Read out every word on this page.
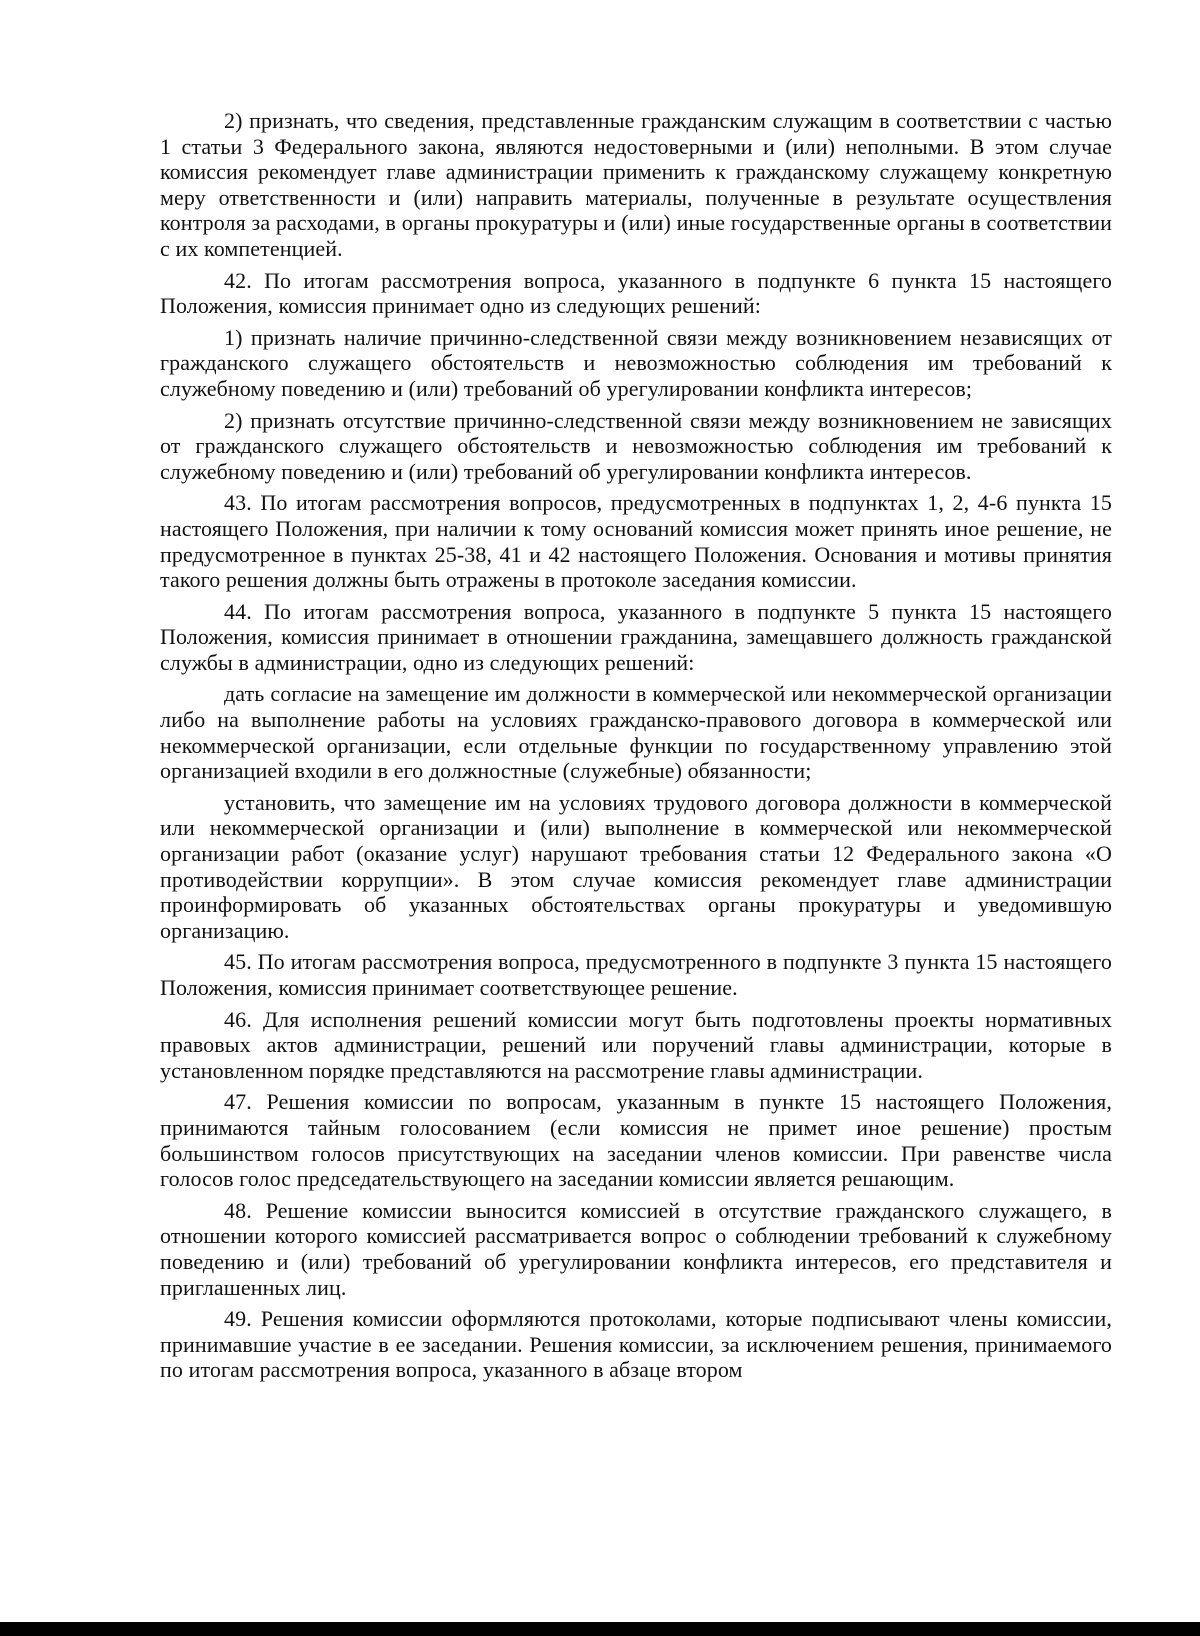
2) признать, что сведения, представленные гражданским служащим в соответствии с частью 1 статьи 3 Федерального закона, являются недостоверными и (или) неполными. В этом случае комиссия рекомендует главе администрации применить к гражданскому служащему конкретную меру ответственности и (или) направить материалы, полученные в результате осуществления контроля за расходами, в органы прокуратуры и (или) иные государственные органы в соответствии с их компетенцией.

42. По итогам рассмотрения вопроса, указанного в подпункте 6 пункта 15 настоящего Положения, комиссия принимает одно из следующих решений:

1) признать наличие причинно-следственной связи между возникновением независящих от гражданского служащего обстоятельств и невозможностью соблюдения им требований к служебному поведению и (или) требований об урегулировании конфликта интересов;

2) признать отсутствие причинно-следственной связи между возникновением не зависящих от гражданского служащего обстоятельств и невозможностью соблюдения им требований к служебному поведению и (или) требований об урегулировании конфликта интересов.

43. По итогам рассмотрения вопросов, предусмотренных в подпунктах 1, 2, 4-6 пункта 15 настоящего Положения, при наличии к тому оснований комиссия может принять иное решение, не предусмотренное в пунктах 25-38, 41 и 42 настоящего Положения. Основания и мотивы принятия такого решения должны быть отражены в протоколе заседания комиссии.

44. По итогам рассмотрения вопроса, указанного в подпункте 5 пункта 15 настоящего Положения, комиссия принимает в отношении гражданина, замещавшего должность гражданской службы в администрации, одно из следующих решений:

дать согласие на замещение им должности в коммерческой или некоммерческой организации либо на выполнение работы на условиях гражданско-правового договора в коммерческой или некоммерческой организации, если отдельные функции по государственному управлению этой организацией входили в его должностные (служебные) обязанности;

установить, что замещение им на условиях трудового договора должности в коммерческой или некоммерческой организации и (или) выполнение в коммерческой или некоммерческой организации работ (оказание услуг) нарушают требования статьи 12 Федерального закона «О противодействии коррупции». В этом случае комиссия рекомендует главе администрации проинформировать об указанных обстоятельствах органы прокуратуры и уведомившую организацию.

45. По итогам рассмотрения вопроса, предусмотренного в подпункте 3 пункта 15 настоящего Положения, комиссия принимает соответствующее решение.

46. Для исполнения решений комиссии могут быть подготовлены проекты нормативных правовых актов администрации, решений или поручений главы администрации, которые в установленном порядке представляются на рассмотрение главы администрации.

47. Решения комиссии по вопросам, указанным в пункте 15 настоящего Положения, принимаются тайным голосованием (если комиссия не примет иное решение) простым большинством голосов присутствующих на заседании членов комиссии. При равенстве числа голосов голос председательствующего на заседании комиссии является решающим.

48. Решение комиссии выносится комиссией в отсутствие гражданского служащего, в отношении которого комиссией рассматривается вопрос о соблюдении требований к служебному поведению и (или) требований об урегулировании конфликта интересов, его представителя и приглашенных лиц.

49. Решения комиссии оформляются протоколами, которые подписывают члены комиссии, принимавшие участие в ее заседании. Решения комиссии, за исключением решения, принимаемого по итогам рассмотрения вопроса, указанного в абзаце втором
